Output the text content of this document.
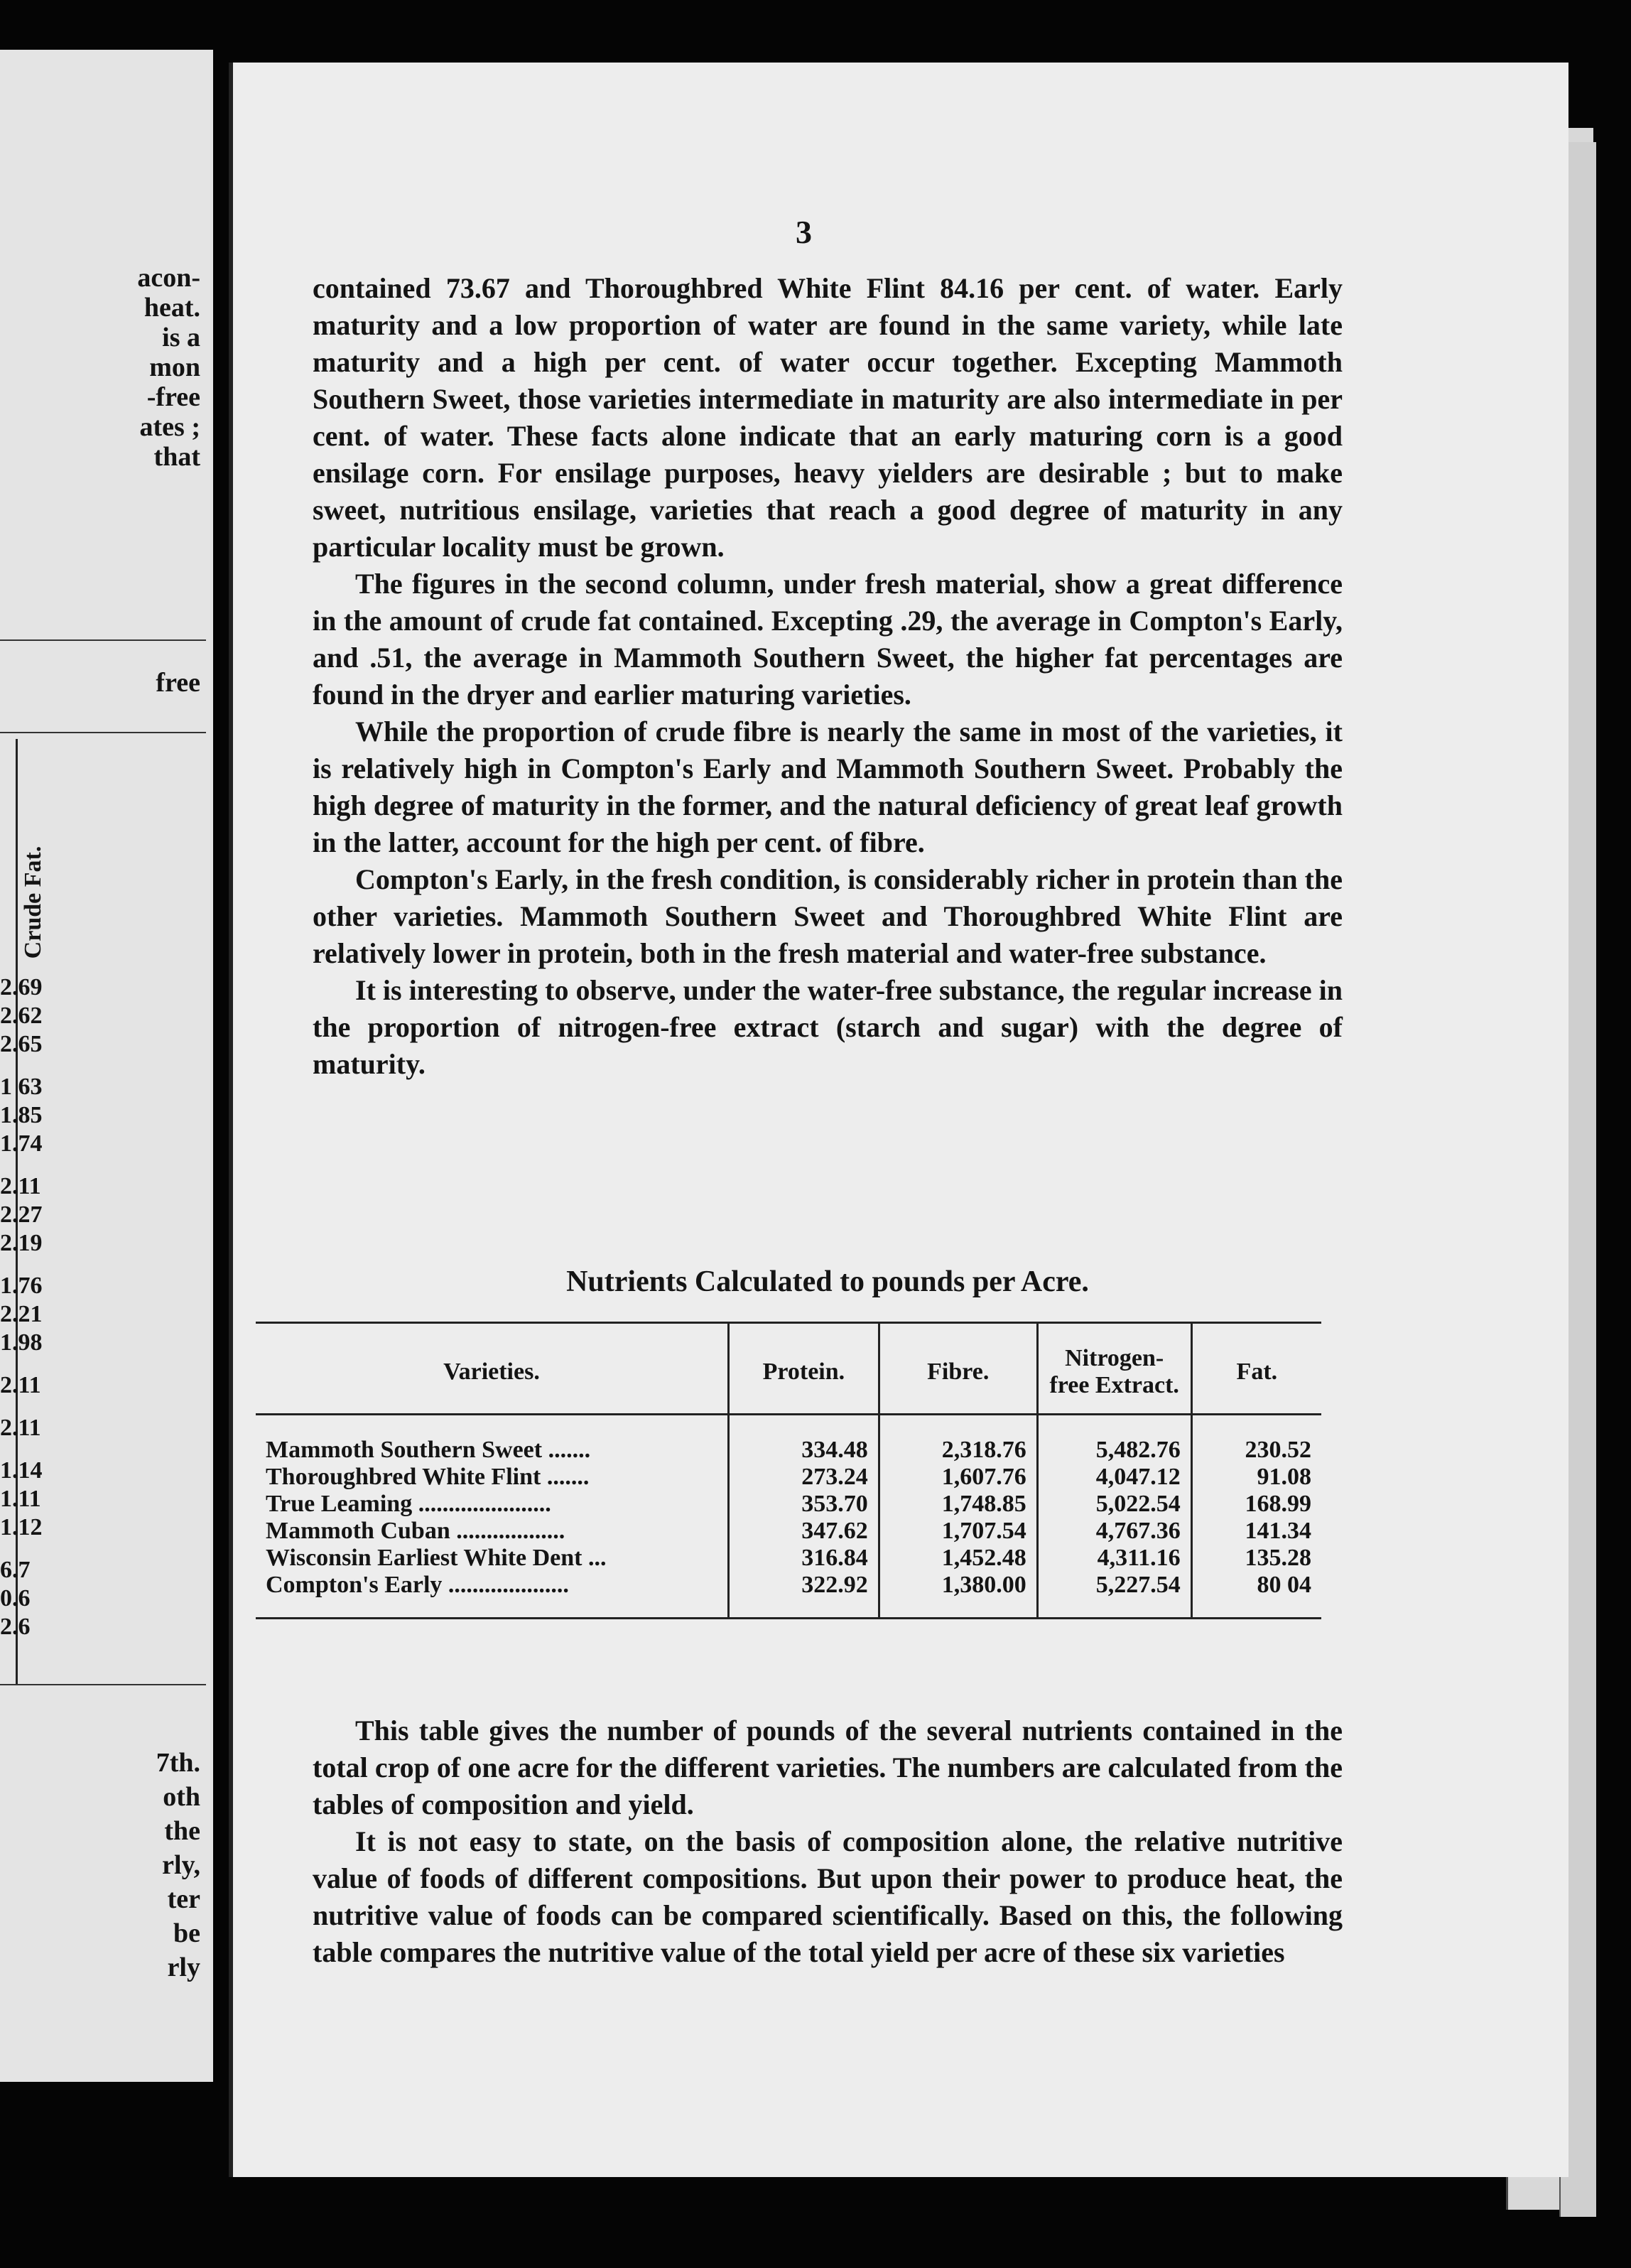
acon-
heat.
is a
mon
-free
ates ;
that
free
Crude Fat.
2.69
2.62
2.65
1 63
1.85
1.74
2.11
2.27
2.19
1.76
2.21
1.98
2.11
2.11
1.14
1.11
1.12
6.7
0.6
2.6
7th.
oth
the
rly,
ter
be
rly
3

contained 73.67 and Thoroughbred White Flint 84.16 per cent. of water. Early maturity and a low proportion of water are found in the same variety, while late maturity and a high per cent. of water occur together. Excepting Mammoth Southern Sweet, those varieties intermediate in maturity are also intermediate in per cent. of water. These facts alone indicate that an early maturing corn is a good ensilage corn. For ensilage purposes, heavy yielders are desirable ; but to make sweet, nutritious ensilage, varieties that reach a good degree of maturity in any particular locality must be grown.

The figures in the second column, under fresh material, show a great difference in the amount of crude fat contained. Excepting .29, the average in Compton's Early, and .51, the average in Mammoth Southern Sweet, the higher fat percentages are found in the dryer and earlier maturing varieties.

While the proportion of crude fibre is nearly the same in most of the varieties, it is relatively high in Compton's Early and Mammoth Southern Sweet. Probably the high degree of maturity in the former, and the natural deficiency of great leaf growth in the latter, account for the high per cent. of fibre.

Compton's Early, in the fresh condition, is considerably richer in protein than the other varieties. Mammoth Southern Sweet and Thoroughbred White Flint are relatively lower in protein, both in the fresh material and water-free substance.

It is interesting to observe, under the water-free substance, the regular increase in the proportion of nitrogen-free extract (starch and sugar) with the degree of maturity.

Nutrients Calculated to pounds per Acre.
Varieties.	Protein.	Fibre.	Nitrogen-free Extract.	Fat.
Mammoth Southern Sweet .......	334.48	2,318.76	5,482.76	230.52
Thoroughbred White Flint .......	273.24	1,607.76	4,047.12	91.08
True Leaming ......................	353.70	1,748.85	5,022.54	168.99
Mammoth Cuban ..................	347.62	1,707.54	4,767.36	141.34
Wisconsin Earliest White Dent ...	316.84	1,452.48	4,311.16	135.28
Compton's Early ....................	322.92	1,380.00	5,227.54	80 04

This table gives the number of pounds of the several nutrients contained in the total crop of one acre for the different varieties. The numbers are calculated from the tables of composition and yield.

It is not easy to state, on the basis of composition alone, the relative nutritive value of foods of different compositions. But upon their power to produce heat, the nutritive value of foods can be compared scientifically. Based on this, the following table compares the nutritive value of the total yield per acre of these six varieties
